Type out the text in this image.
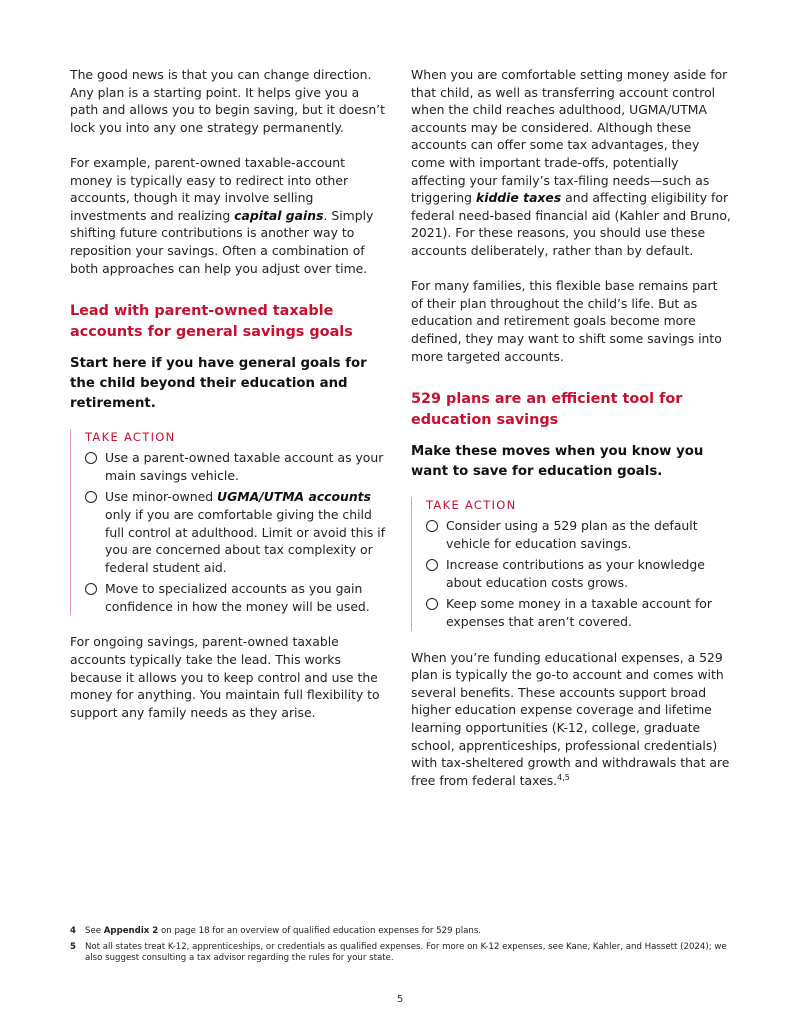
The good news is that you can change direction. Any plan is a starting point. It helps give you a path and allows you to begin saving, but it doesn’t lock you into any one strategy permanently.

For example, parent-owned taxable-account money is typically easy to redirect into other accounts, though it may involve selling investments and realizing capital gains. Simply shifting future contributions is another way to reposition your savings. Often a combination of both approaches can help you adjust over time.

Lead with parent-owned taxable accounts for general savings goals
Start here if you have general goals for the child beyond their education and retirement.
TAKE ACTION
Use a parent-owned taxable account as your main savings vehicle.
Use minor-owned UGMA/UTMA accounts only if you are comfortable giving the child full control at adulthood. Limit or avoid this if you are concerned about tax complexity or federal student aid.
Move to specialized accounts as you gain confidence in how the money will be used.

For ongoing savings, parent-owned taxable accounts typically take the lead. This works because it allows you to keep control and use the money for anything. You maintain full flexibility to support any family needs as they arise.

When you are comfortable setting money aside for that child, as well as transferring account control when the child reaches adulthood, UGMA/UTMA accounts may be considered. Although these accounts can offer some tax advantages, they come with important trade-offs, potentially affecting your family’s tax-filing needs—such as triggering kiddie taxes and affecting eligibility for federal need-based financial aid (Kahler and Bruno, 2021). For these reasons, you should use these accounts deliberately, rather than by default.

For many families, this flexible base remains part of their plan throughout the child’s life. But as education and retirement goals become more defined, they may want to shift some savings into more targeted accounts.

529 plans are an efficient tool for education savings
Make these moves when you know you want to save for education goals.
TAKE ACTION
Consider using a 529 plan as the default vehicle for education savings.
Increase contributions as your knowledge about education costs grows.
Keep some money in a taxable account for expenses that aren’t covered.

When you’re funding educational expenses, a 529 plan is typically the go-to account and comes with several benefits. These accounts support broad higher education expense coverage and lifetime learning opportunities (K-12, college, graduate school, apprenticeships, professional credentials) with tax-sheltered growth and withdrawals that are free from federal taxes.$^{4,5}$

4 See Appendix 2 on page 18 for an overview of qualified education expenses for 529 plans.
5 Not all states treat K-12, apprenticeships, or credentials as qualified expenses. For more on K-12 expenses, see Kane, Kahler, and Hassett (2024); we also suggest consulting a tax advisor regarding the rules for your state.
5
